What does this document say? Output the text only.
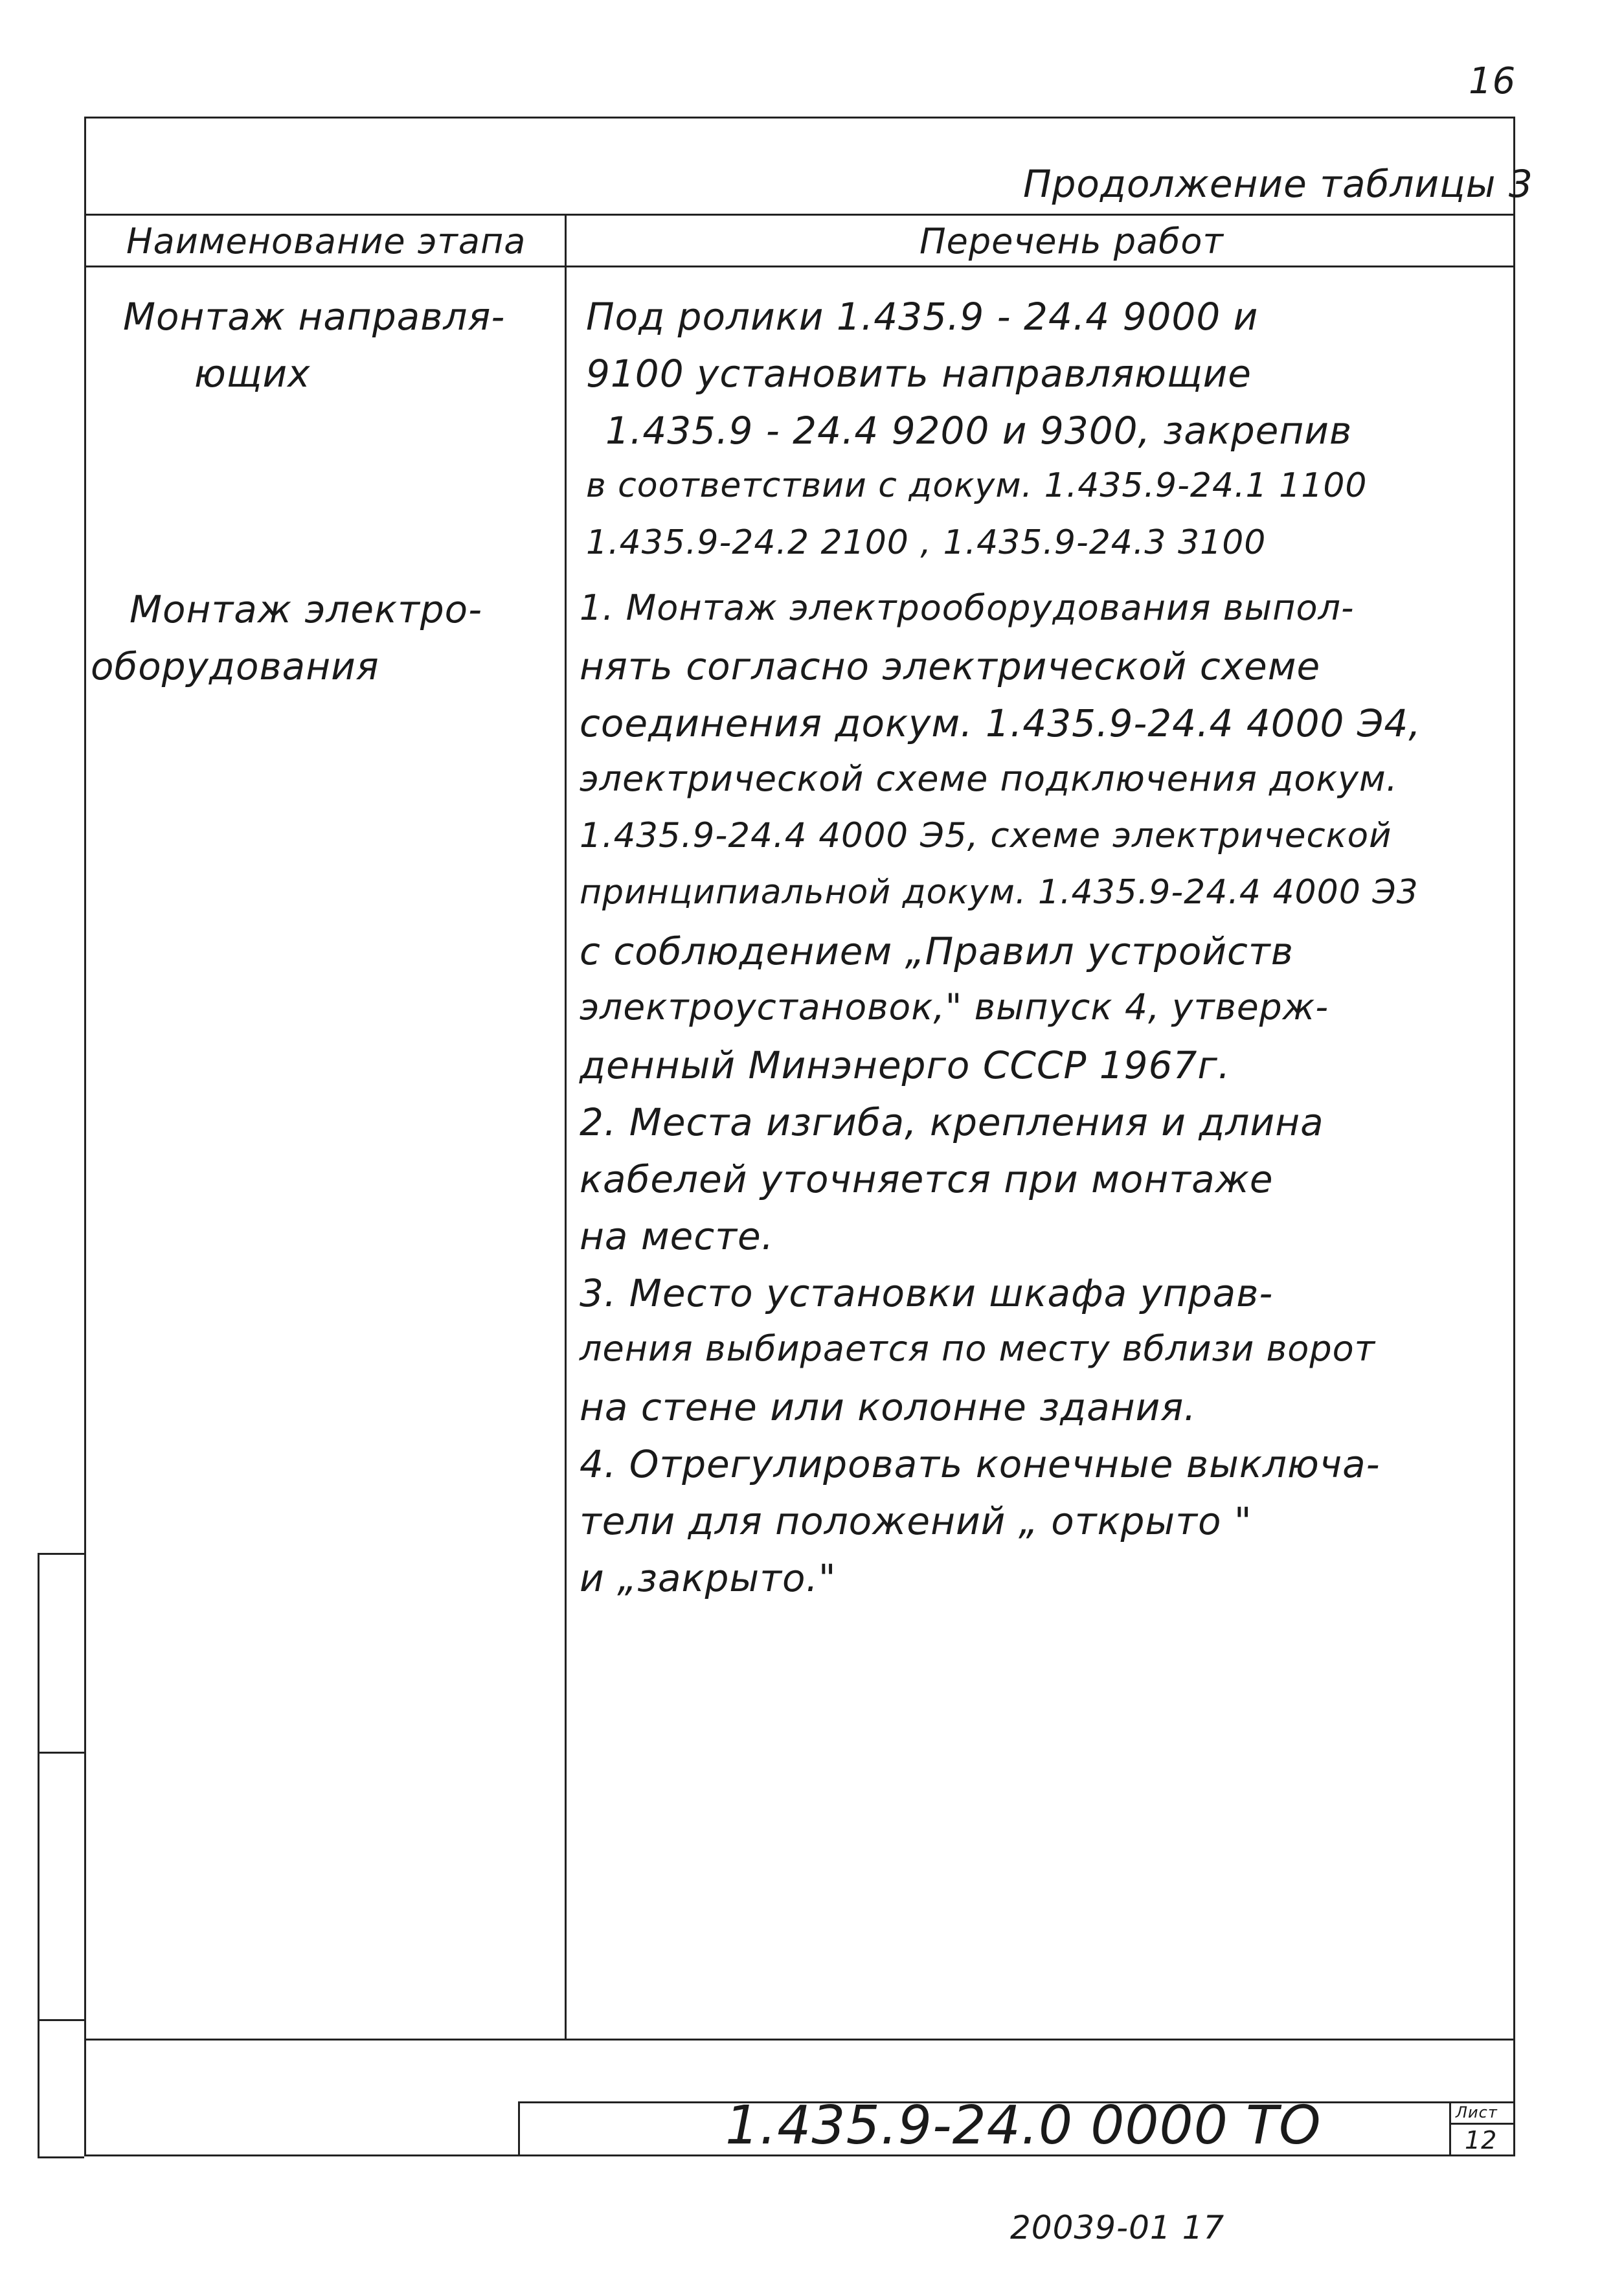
16
Продолжение таблицы 3
Наименование этапа	Перечень работ
Монтаж направля-
ющих
Под ролики 1.435.9 - 24.4 9000 и
9100 установить направляющие
1.435.9 - 24.4 9200 и 9300, закрепив
в соответствии с докум. 1.435.9-24.1 1100
1.435.9-24.2 2100 , 1.435.9-24.3 3100
Монтаж электро-
оборудования
1. Монтаж электрооборудования выпол-
нять согласно электрической схеме
соединения докум. 1.435.9-24.4 4000 Э4,
электрической схеме подключения докум.
1.435.9-24.4 4000 Э5, схеме электрической
принципиальной докум. 1.435.9-24.4 4000 Э3
с соблюдением „Правил устройств
электроустановок," выпуск 4, утверж-
денный Минэнерго СССР 1967г.
2. Места изгиба, крепления и длина
кабелей уточняется при монтаже
на месте.
3. Место установки шкафа управ-
ления выбирается по месту вблизи ворот
на стене или колонне здания.
4. Отрегулировать конечные выключа-
тели для положений „ открыто "
и „закрыто."
1.435.9-24.0 0000 ТО	Лист
12
20039-01 17
